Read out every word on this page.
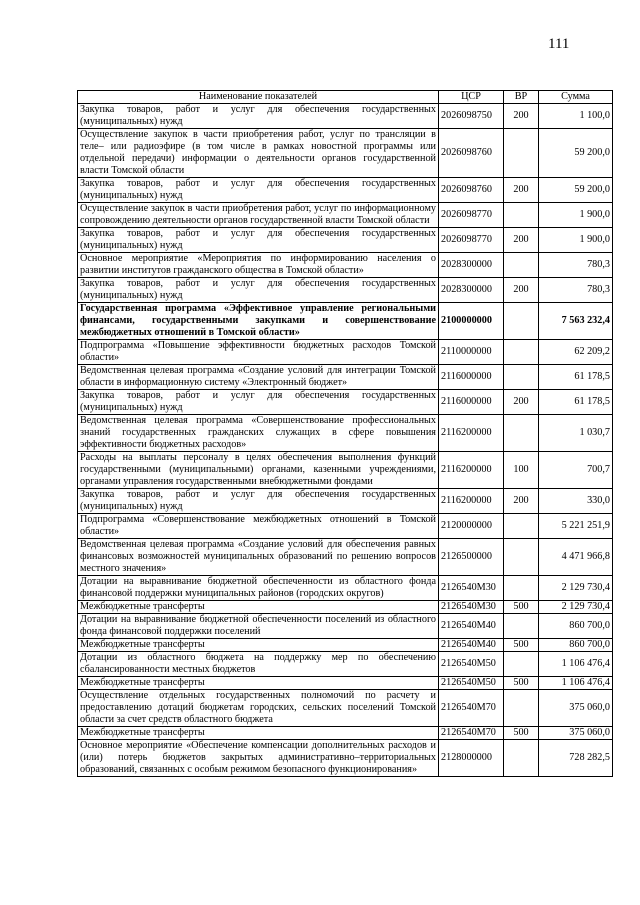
111
Наименование показателей	ЦСР	ВР	Сумма
Закупка товаров, работ и услуг для обеспечения государственных (муниципальных) нужд	2026098750	200	1 100,0
Осуществление закупок в части приобретения работ, услуг по трансляции в теле– или радиоэфире (в том числе в рамках новостной программы или отдельной передачи) информации о деятельности органов государственной власти Томской области	2026098760		59 200,0
Закупка товаров, работ и услуг для обеспечения государственных (муниципальных) нужд	2026098760	200	59 200,0
Осуществление закупок в части приобретения работ, услуг по информационному сопровождению деятельности органов государственной власти Томской области	2026098770		1 900,0
Закупка товаров, работ и услуг для обеспечения государственных (муниципальных) нужд	2026098770	200	1 900,0
Основное мероприятие «Мероприятия по информированию населения о развитии институтов гражданского общества в Томской области»	2028300000		780,3
Закупка товаров, работ и услуг для обеспечения государственных (муниципальных) нужд	2028300000	200	780,3
Государственная программа «Эффективное управление региональными финансами, государственными закупками и совершенствование межбюджетных отношений в Томской области»	2100000000		7 563 232,4
Подпрограмма «Повышение эффективности бюджетных расходов Томской области»	2110000000		62 209,2
Ведомственная целевая программа «Создание условий для интеграции Томской области в информационную систему «Электронный бюджет»	2116000000		61 178,5
Закупка товаров, работ и услуг для обеспечения государственных (муниципальных) нужд	2116000000	200	61 178,5
Ведомственная целевая программа «Совершенствование профессиональных знаний государственных гражданских служащих в сфере повышения эффективности бюджетных расходов»	2116200000		1 030,7
Расходы на выплаты персоналу в целях обеспечения выполнения функций государственными (муниципальными) органами, казенными учреждениями, органами управления государственными внебюджетными фондами	2116200000	100	700,7
Закупка товаров, работ и услуг для обеспечения государственных (муниципальных) нужд	2116200000	200	330,0
Подпрограмма «Совершенствование межбюджетных отношений в Томской области»	2120000000		5 221 251,9
Ведомственная целевая программа «Создание условий для обеспечения равных финансовых возможностей муниципальных образований по решению вопросов местного значения»	2126500000		4 471 966,8
Дотации на выравнивание бюджетной обеспеченности из областного фонда финансовой поддержки муниципальных районов (городских округов)	2126540М30		2 129 730,4
Межбюджетные трансферты	2126540М30	500	2 129 730,4
Дотации на выравнивание бюджетной обеспеченности поселений из областного фонда финансовой поддержки поселений	2126540М40		860 700,0
Межбюджетные трансферты	2126540М40	500	860 700,0
Дотации из областного бюджета на поддержку мер по обеспечению сбалансированности местных бюджетов	2126540М50		1 106 476,4
Межбюджетные трансферты	2126540М50	500	1 106 476,4
Осуществление отдельных государственных полномочий по расчету и предоставлению дотаций бюджетам городских, сельских поселений Томской области за счет средств областного бюджета	2126540М70		375 060,0
Межбюджетные трансферты	2126540М70	500	375 060,0
Основное мероприятие «Обеспечение компенсации дополнительных расходов и (или) потерь бюджетов закрытых административно–территориальных образований, связанных с особым режимом безопасного функционирования»	2128000000		728 282,5
